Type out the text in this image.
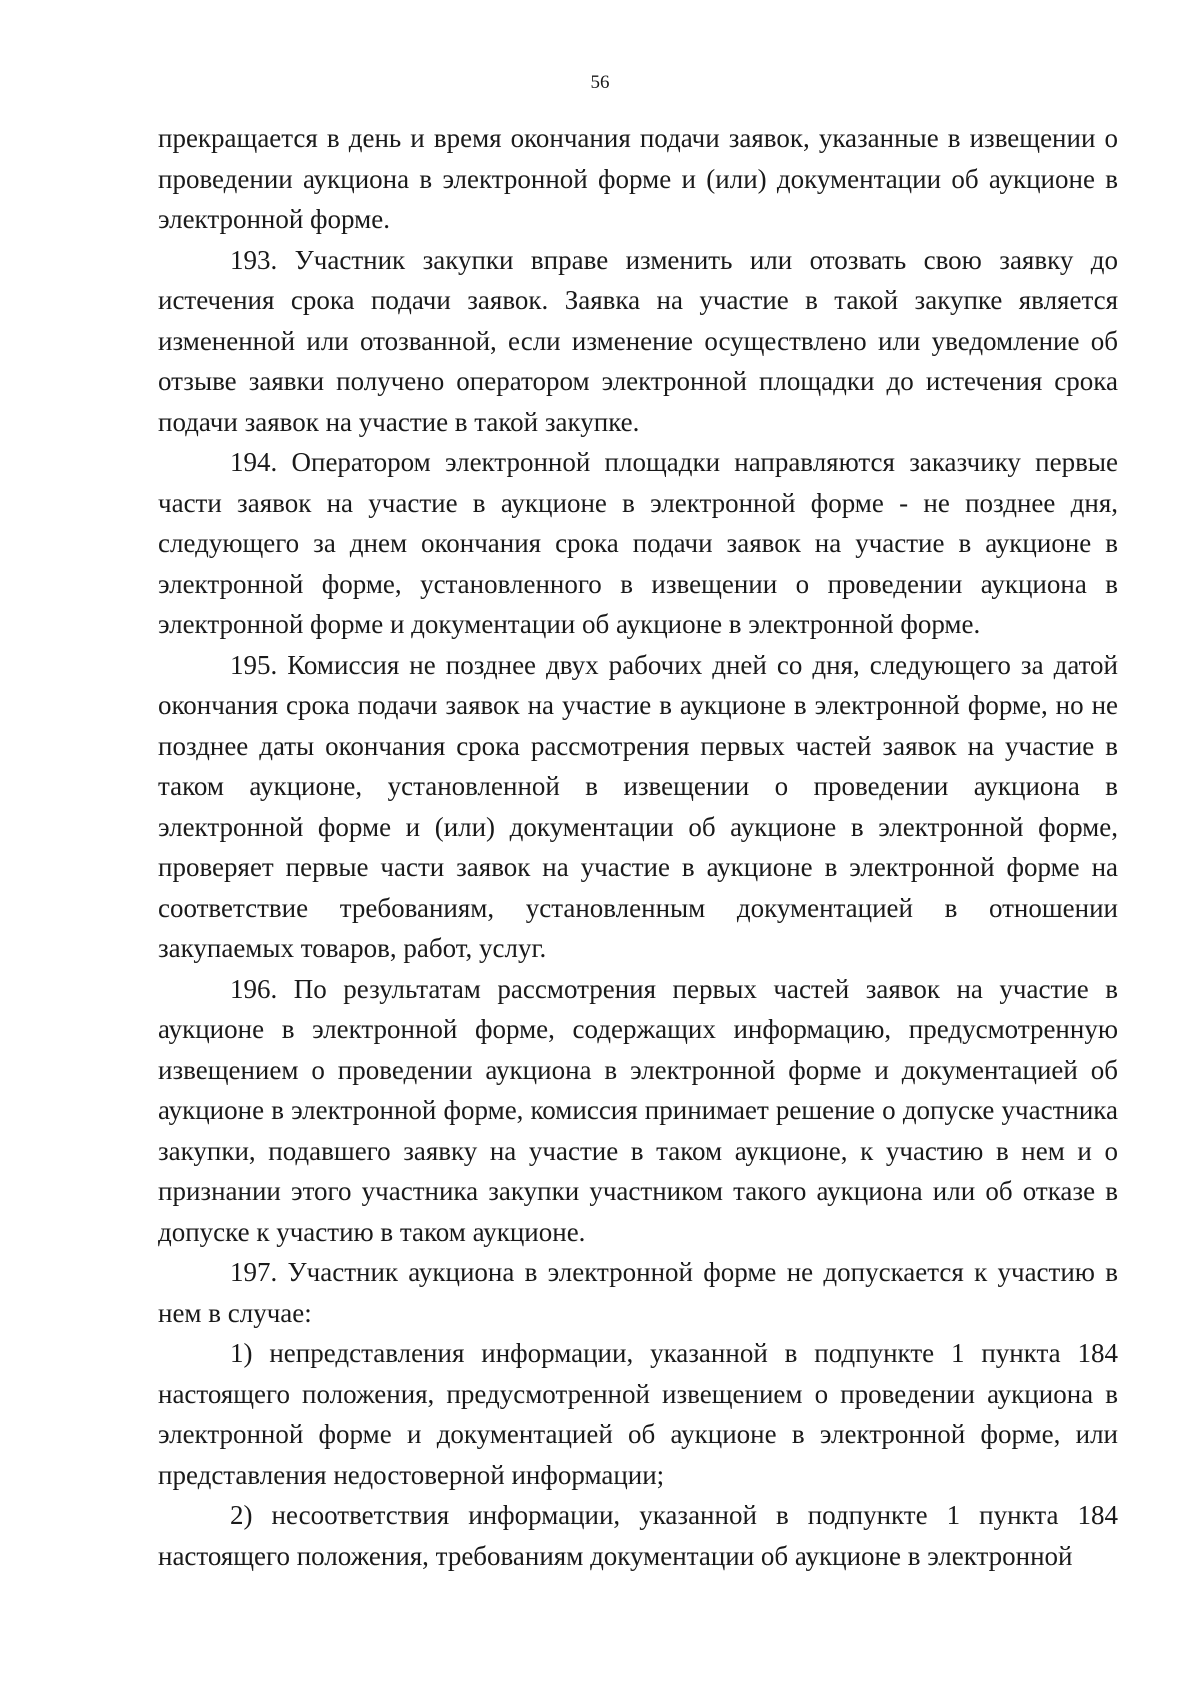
56

прекращается в день и время окончания подачи заявок, указанные в извещении о проведении аукциона в электронной форме и (или) документации об аукционе в электронной форме.

193. Участник закупки вправе изменить или отозвать свою заявку до истечения срока подачи заявок. Заявка на участие в такой закупке является измененной или отозванной, если изменение осуществлено или уведомление об отзыве заявки получено оператором электронной площадки до истечения срока подачи заявок на участие в такой закупке.

194. Оператором электронной площадки направляются заказчику первые части заявок на участие в аукционе в электронной форме - не позднее дня, следующего за днем окончания срока подачи заявок на участие в аукционе в электронной форме, установленного в извещении о проведении аукциона в электронной форме и документации об аукционе в электронной форме.

195. Комиссия не позднее двух рабочих дней со дня, следующего за датой окончания срока подачи заявок на участие в аукционе в электронной форме, но не позднее даты окончания срока рассмотрения первых частей заявок на участие в таком аукционе, установленной в извещении о проведении аукциона в электронной форме и (или) документации об аукционе в электронной форме, проверяет первые части заявок на участие в аукционе в электронной форме на соответствие требованиям, установленным документацией в отношении закупаемых товаров, работ, услуг.

196. По результатам рассмотрения первых частей заявок на участие в аукционе в электронной форме, содержащих информацию, предусмотренную извещением о проведении аукциона в электронной форме и документацией об аукционе в электронной форме, комиссия принимает решение о допуске участника закупки, подавшего заявку на участие в таком аукционе, к участию в нем и о признании этого участника закупки участником такого аукциона или об отказе в допуске к участию в таком аукционе.

197. Участник аукциона в электронной форме не допускается к участию в нем в случае:

1) непредставления информации, указанной в подпункте 1 пункта 184 настоящего положения, предусмотренной извещением о проведении аукциона в электронной форме и документацией об аукционе в электронной форме, или представления недостоверной информации;

2) несоответствия информации, указанной в подпункте 1 пункта 184 настоящего положения, требованиям документации об аукционе в электронной
